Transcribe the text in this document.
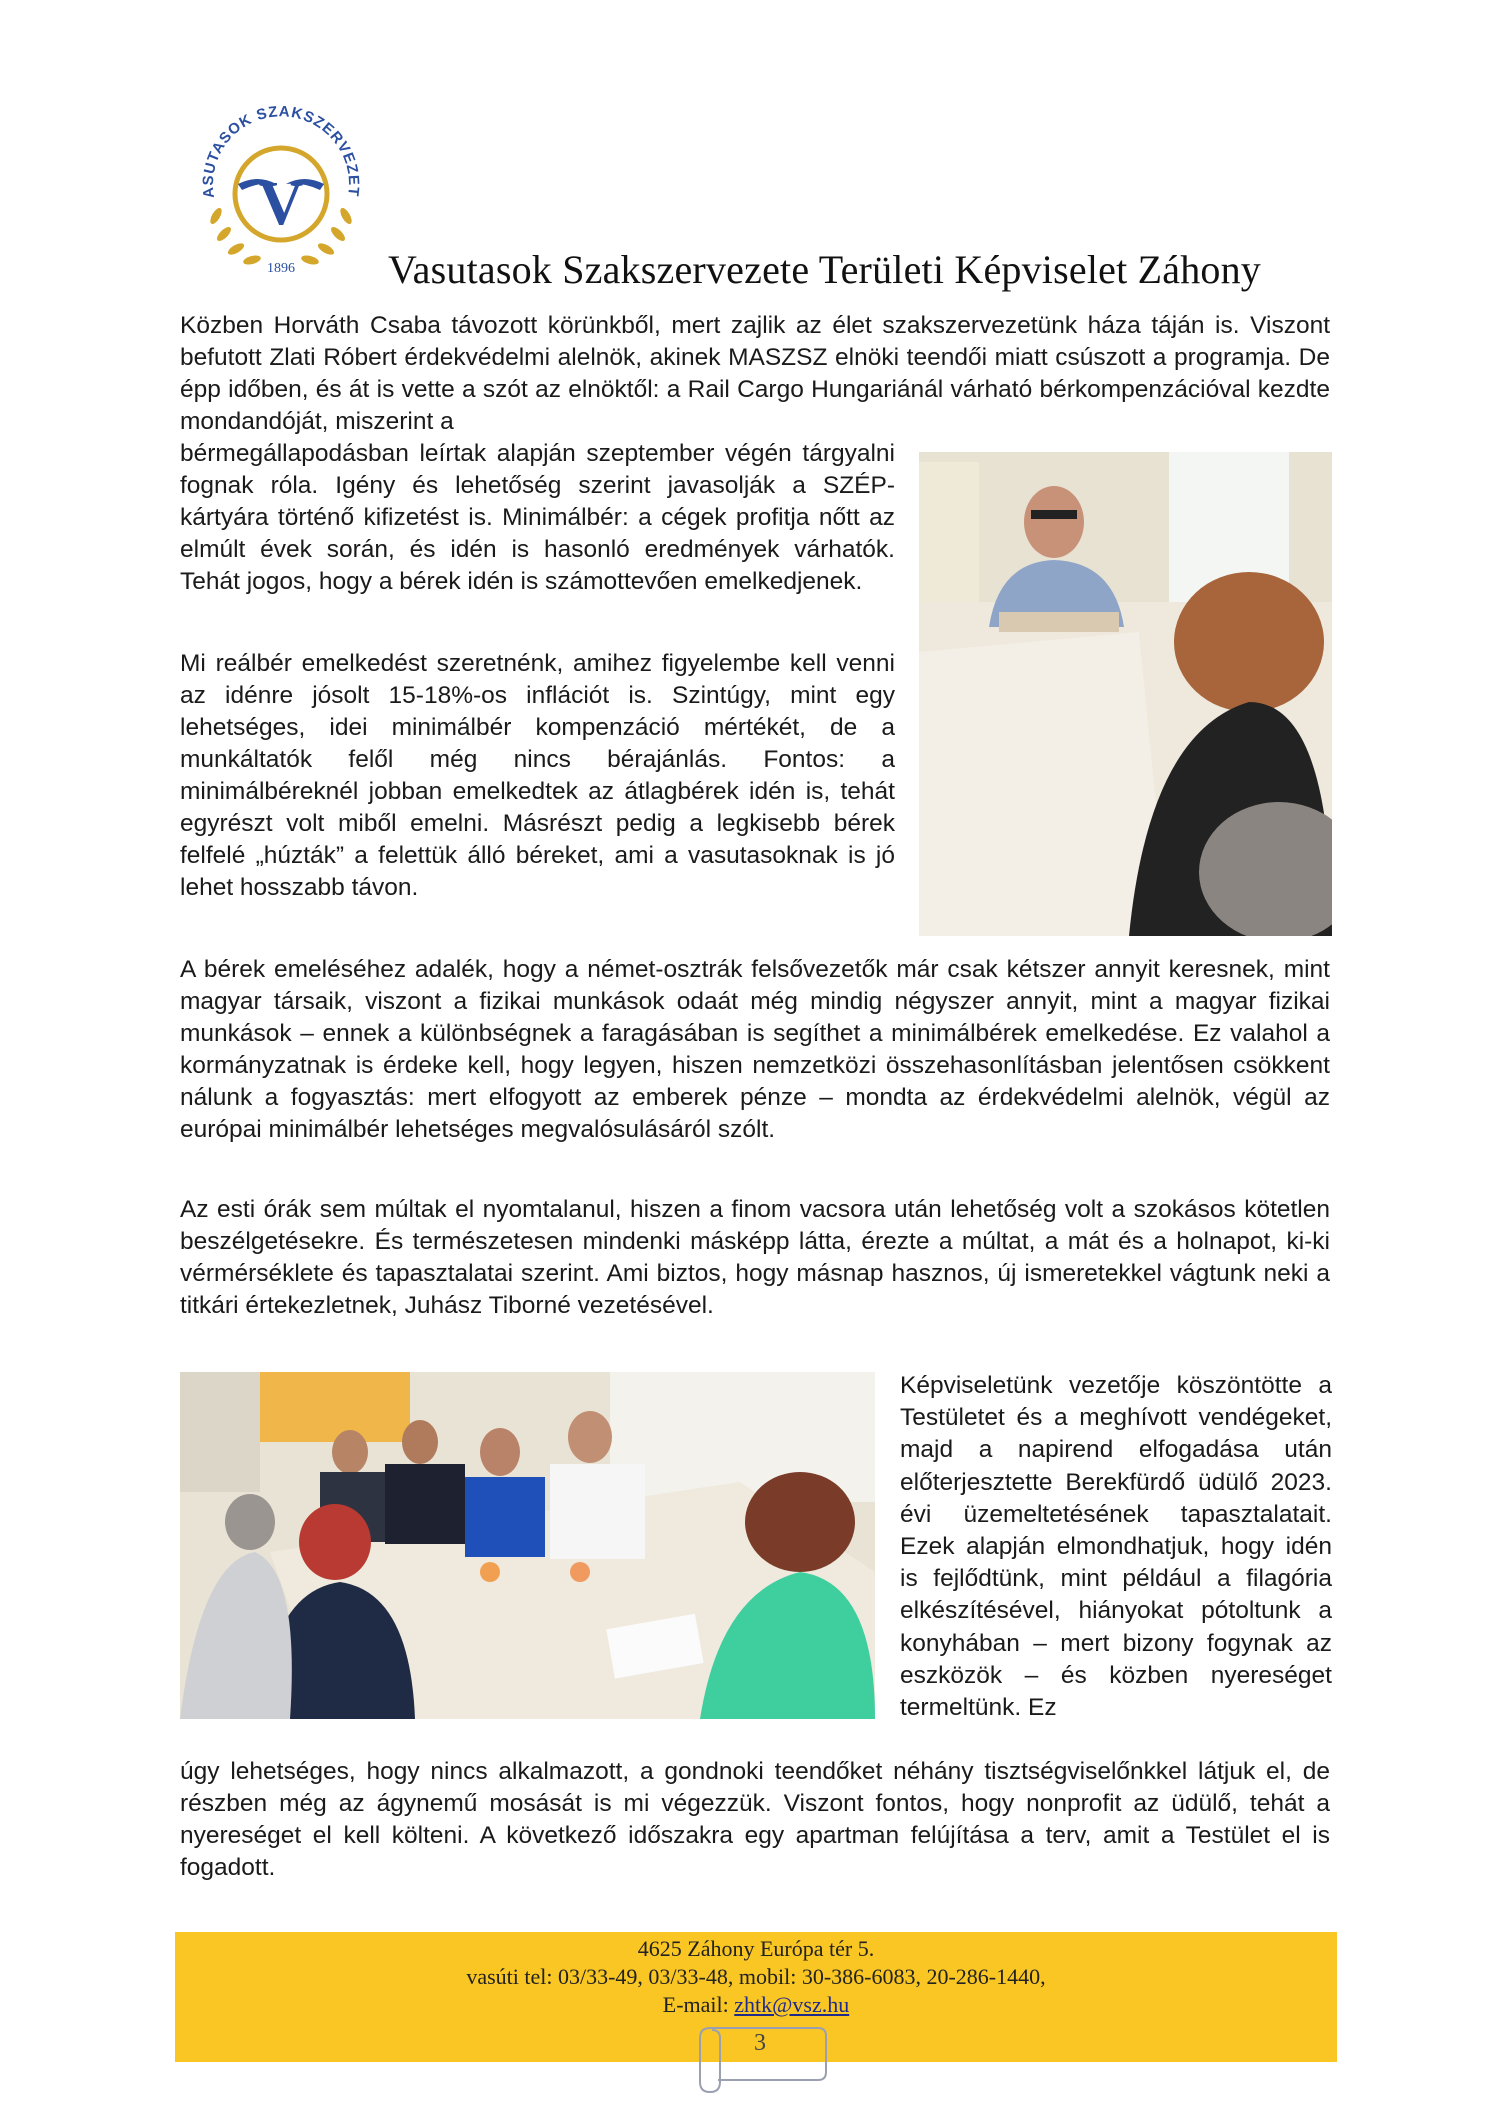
ASUTASOK SZAKSZERVEZET
V
1896 Vasutasok Szakszervezete Területi Képviselet Záhony

Közben Horváth Csaba távozott körünkből, mert zajlik az élet szakszervezetünk háza táján is. Viszont befutott Zlati Róbert érdekvédelmi alelnök, akinek MASZSZ elnöki teendői miatt csúszott a programja. De épp időben, és át is vette a szót az elnöktől: a Rail Cargo Hungariánál várható bérkompenzációval kezdte mondandóját, miszerint a

bérmegállapodásban leírtak alapján szeptember végén tárgyalni fognak róla. Igény és lehetőség szerint javasolják a SZÉP-kártyára történő kifizetést is. Minimálbér: a cégek profitja nőtt az elmúlt évek során, és idén is hasonló eredmények várhatók. Tehát jogos, hogy a bérek idén is számottevően emelkedjenek.

Mi reálbér emelkedést szeretnénk, amihez figyelembe kell venni az idénre jósolt 15-18%-os inflációt is. Szintúgy, mint egy lehetséges, idei minimálbér kompenzáció mértékét, de a munkáltatók felől még nincs bérajánlás. Fontos: a minimálbéreknél jobban emelkedtek az átlagbérek idén is, tehát egyrészt volt miből emelni. Másrészt pedig a legkisebb bérek felfelé „húzták” a felettük álló béreket, ami a vasutasoknak is jó lehet hosszabb távon.

A bérek emeléséhez adalék, hogy a német-osztrák felsővezetők már csak kétszer annyit keresnek, mint magyar társaik, viszont a fizikai munkások odaát még mindig négyszer annyit, mint a magyar fizikai munkások – ennek a különbségnek a faragásában is segíthet a minimálbérek emelkedése. Ez valahol a kormányzatnak is érdeke kell, hogy legyen, hiszen nemzetközi összehasonlításban jelentősen csökkent nálunk a fogyasztás: mert elfogyott az emberek pénze – mondta az érdekvédelmi alelnök, végül az európai minimálbér lehetséges megvalósulásáról szólt.

Az esti órák sem múltak el nyomtalanul, hiszen a finom vacsora után lehetőség volt a szokásos kötetlen beszélgetésekre. És természetesen mindenki másképp látta, érezte a múltat, a mát és a holnapot, ki-ki vérmérséklete és tapasztalatai szerint. Ami biztos, hogy másnap hasznos, új ismeretekkel vágtunk neki a titkári értekezletnek, Juhász Tiborné vezetésével.

Képviseletünk vezetője köszöntötte a Testületet és a meghívott vendégeket, majd a napirend elfogadása után előterjesztette Berekfürdő üdülő 2023. évi üzemeltetésének tapasztalatait. Ezek alapján elmondhatjuk, hogy idén is fejlődtünk, mint például a filagória elkészítésével, hiányokat pótoltunk a konyhában – mert bizony fogynak az eszközök – és közben nyereséget termeltünk. Ez

úgy lehetséges, hogy nincs alkalmazott, a gondnoki teendőket néhány tisztségviselőnkkel látjuk el, de részben még az ágynemű mosását is mi végezzük. Viszont fontos, hogy nonprofit az üdülő, tehát a nyereséget el kell költeni. A következő időszakra egy apartman felújítása a terv, amit a Testület el is fogadott.

4625 Záhony Európa tér 5.

vasúti tel: 03/33-49, 03/33-48, mobil: 30-386-6083, 20-286-1440,

E-mail: zhtk@vsz.hu

3
